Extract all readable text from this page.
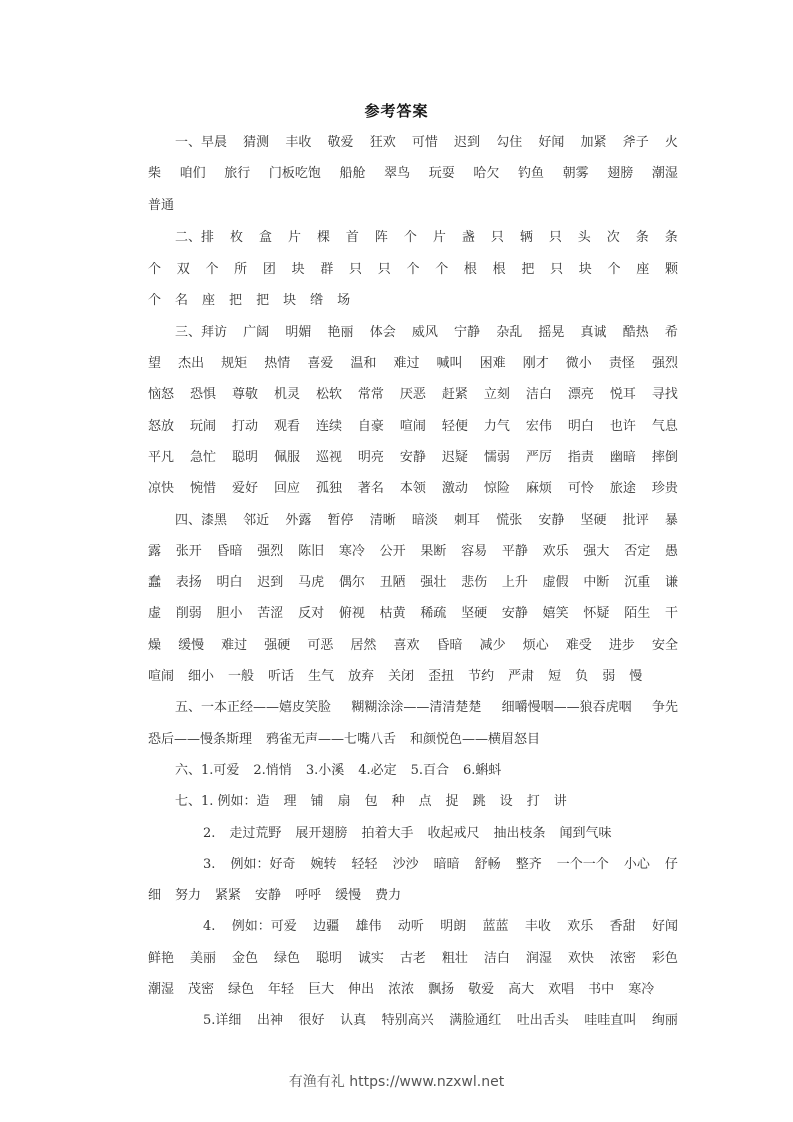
参考答案
一、早晨 猜测 丰收 敬爱 狂欢 可惜 迟到 勾住 好闻 加紧 斧子 火
柴 咱们 旅行 门板吃饱 船舱 翠鸟 玩耍 哈欠 钓鱼 朝雾 翅膀 潮湿
普通
二、排 枚 盒 片 棵 首 阵 个 片 盏 只 辆 只 头 次 条 条
个 双 个 所 团 块 群 只 只 个 个 根 根 把 只 块 个 座 颗
个 名 座 把 把 块 绺 场
三、拜访 广阔 明媚 艳丽 体会 威风 宁静 杂乱 摇晃 真诚 酷热 希
望 杰出 规矩 热情 喜爱 温和 难过 喊叫 困难 刚才 微小 责怪 强烈
恼怒 恐惧 尊敬 机灵 松软 常常 厌恶 赶紧 立刻 洁白 漂亮 悦耳 寻找
怒放 玩闹 打动 观看 连续 自豪 喧闹 轻便 力气 宏伟 明白 也许 气息
平凡 急忙 聪明 佩服 巡视 明亮 安静 迟疑 懦弱 严厉 指责 幽暗 摔倒
凉快 惋惜 爱好 回应 孤独 著名 本领 激动 惊险 麻烦 可怜 旅途 珍贵
四、漆黑 邻近 外露 暂停 清晰 暗淡 刺耳 慌张 安静 坚硬 批评 暴
露 张开 昏暗 强烈 陈旧 寒冷 公开 果断 容易 平静 欢乐 强大 否定 愚
蠢 表扬 明白 迟到 马虎 偶尔 丑陋 强壮 悲伤 上升 虚假 中断 沉重 谦
虚 削弱 胆小 苦涩 反对 俯视 枯黄 稀疏 坚硬 安静 嬉笑 怀疑 陌生 干
燥 缓慢 难过 强硬 可恶 居然 喜欢 昏暗 减少 烦心 难受 进步 安全
喧闹 细小 一般 听话 生气 放弃 关闭 歪扭 节约 严肃 短 负 弱 慢
五、一本正经——嬉皮笑脸 糊糊涂涂——清清楚楚 细嚼慢咽——狼吞虎咽 争先
恐后——慢条斯理 鸦雀无声——七嘴八舌 和颜悦色——横眉怒目
六、1.可爱 2.悄悄 3.小溪 4.必定 5.百合 6.蝌蚪
七、1. 例如：造 理 铺 扇 包 种 点 捉 跳 设 打 讲
2. 走过荒野 展开翅膀 拍着大手 收起戒尺 抽出枝条 闻到气味
3. 例如：好奇 婉转 轻轻 沙沙 暗暗 舒畅 整齐 一个一个 小心 仔
细 努力 紧紧 安静 呼呼 缓慢 费力
4. 例如：可爱 边疆 雄伟 动听 明朗 蓝蓝 丰收 欢乐 香甜 好闻
鲜艳 美丽 金色 绿色 聪明 诚实 古老 粗壮 洁白 润湿 欢快 浓密 彩色
潮湿 茂密 绿色 年轻 巨大 伸出 浓浓 飘扬 敬爱 高大 欢唱 书中 寒冷
5.详细 出神 很好 认真 特别高兴 满脸通红 吐出舌头 哇哇直叫 绚丽
有渔有礼 https://www.nzxwl.net
